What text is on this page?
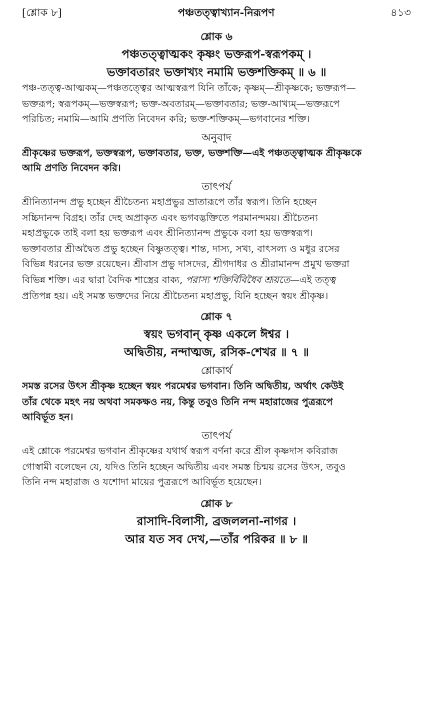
[শ্লোক ৮]	পঞ্চতত্ত্বাখ্যান-নিরূপণ	৪১৩
শ্লোক ৬
পঞ্চতত্ত্বাত্মকং কৃষ্ণং ভক্তরূপ-স্বরূপকম্ ।
ভক্তাবতারং ভক্তাখ্যং নমামি ভক্তশক্তিকম্ ॥ ৬ ॥
পঞ্চ-তত্ত্ব-আত্মকম্—পঞ্চতত্ত্বের আত্মস্বরূপ যিনি তাঁকে; কৃষ্ণম্—শ্রীকৃষ্ণকে; ভক্তরূপ—
ভক্তরূপ; স্বরূপকম্—ভক্তস্বরূপ; ভক্ত-অবতারম্—ভক্তাবতার; ভক্ত-আখ্যম্—ভক্তরূপে
পরিচিত; নমামি—আমি প্রণতি নিবেদন করি; ভক্ত-শক্তিকম্—ভগবানের শক্তি।
অনুবাদ
শ্রীকৃষ্ণের ভক্তরূপ, ভক্তস্বরূপ, ভক্তাবতার, ভক্ত, ভক্তশক্তি—এই পঞ্চতত্ত্বাত্মক শ্রীকৃষ্ণকে
আমি প্রণতি নিবেদন করি।
তাৎপর্য
শ্রীনিত্যানন্দ প্রভু হচ্ছেন শ্রীচৈতন্য মহাপ্রভুর ভ্রাতারূপে তাঁর স্বরূপ। তিনি হচ্ছেন
সচ্চিদানন্দ বিগ্রহ। তাঁর দেহ অপ্রাকৃত এবং ভগবদ্ভক্তিতে পরমানন্দময়। শ্রীচৈতন্য
মহাপ্রভুকে তাই বলা হয় ভক্তরূপ এবং শ্রীনিত্যানন্দ প্রভুকে বলা হয় ভক্তস্বরূপ।
ভক্তাবতার শ্রীঅদ্বৈত প্রভু হচ্ছেন বিষ্ণুতত্ত্ব। শান্ত, দাস্য, সখ্য, বাৎসল্য ও মধুর রসের
বিভিন্ন ধরনের ভক্ত রয়েছেন। শ্রীবাস প্রভু দাসদের, শ্রীগদাধর ও শ্রীরামানন্দ প্রমুখ ভক্তরা
বিভিন্ন শক্তি। এর দ্বারা বৈদিক শাস্ত্রের বাক্য, পরাস্য শক্তির্বিবিধৈব শ্রূয়তে—এই তত্ত্ব
প্রতিপন্ন হয়। এই সমস্ত ভক্তদের নিয়ে শ্রীচৈতন্য মহাপ্রভু, যিনি হচ্ছেন স্বয়ং শ্রীকৃষ্ণ।
শ্লোক ৭
স্বয়ং ভগবান্ কৃষ্ণ একলে ঈশ্বর ।
অদ্বিতীয়, নন্দাত্মজ, রসিক-শেখর ॥ ৭ ॥
শ্লোকার্থ
সমস্ত রসের উৎস শ্রীকৃষ্ণ হচ্ছেন স্বয়ং পরমেশ্বর ভগবান। তিনি অদ্বিতীয়, অর্থাৎ কেউই
তাঁর থেকে মহৎ নয় অথবা সমকক্ষও নয়, কিন্তু তবুও তিনি নন্দ মহারাজের পুত্ররূপে
আবির্ভূত হন।
তাৎপর্য
এই শ্লোকে পরমেশ্বর ভগবান শ্রীকৃষ্ণের যথার্থ স্বরূপ বর্ণনা করে শ্রীল কৃষ্ণদাস কবিরাজ
গোস্বামী বলেছেন যে, যদিও তিনি হচ্ছেন অদ্বিতীয় এবং সমস্ত চিন্ময় রসের উৎস, তবুও
তিনি নন্দ মহারাজ ও যশোদা মায়ের পুত্ররূপে আবির্ভূত হয়েছেন।
শ্লোক ৮
রাসাদি-বিলাসী, ব্রজললনা-নাগর ।
আর যত সব দেখ,—তাঁর পরিকর ॥ ৮ ॥
